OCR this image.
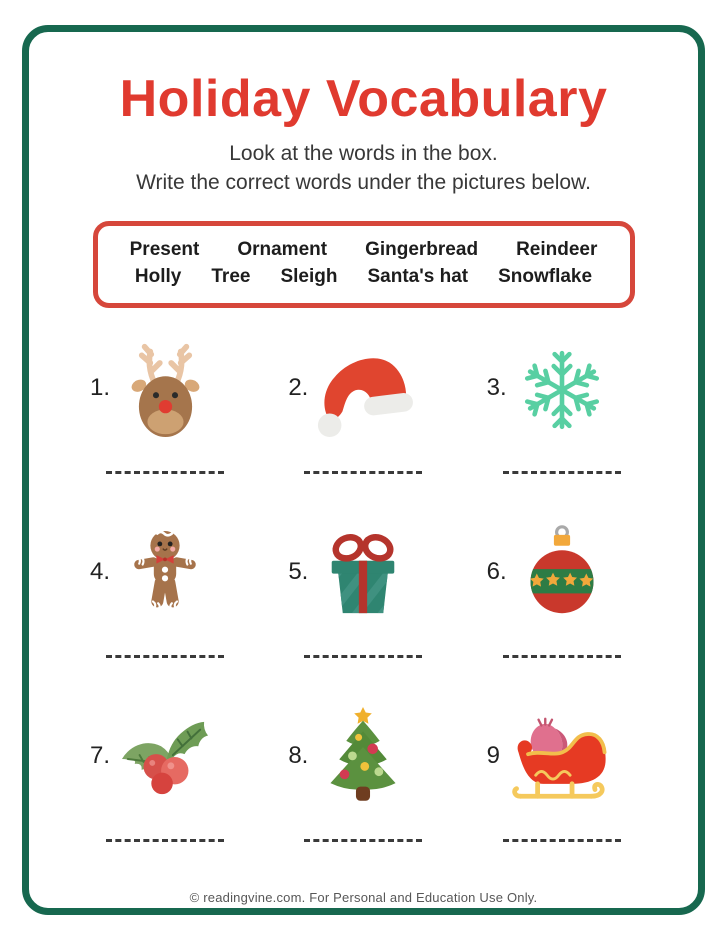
Holiday Vocabulary
Look at the words in the box.
Write the correct words under the pictures below.
Present Ornament Gingerbread Reindeer
Holly Tree Sleigh Santa's hat Snowflake
1.	2.	3.
4.	5.	6.
7.	8.	9
© readingvine.com. For Personal and Education Use Only.
